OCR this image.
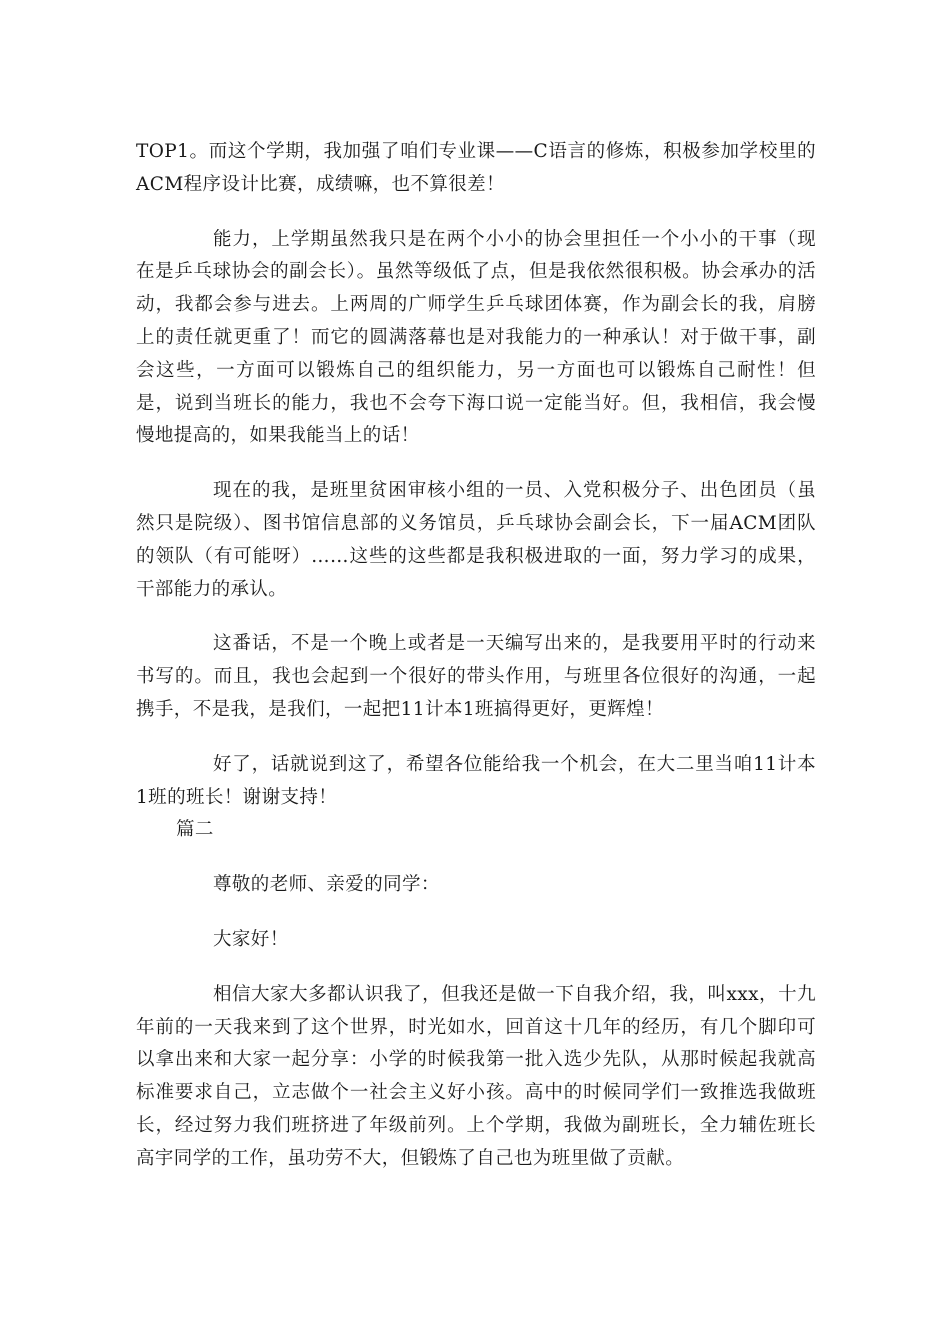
TOP1。而这个学期，我加强了咱们专业课——C语言的修炼，积极参加学校里的ACM程序设计比赛，成绩嘛，也不算很差！

能力，上学期虽然我只是在两个小小的协会里担任一个小小的干事（现在是乒乓球协会的副会长）。虽然等级低了点，但是我依然很积极。协会承办的活动，我都会参与进去。上两周的广师学生乒乓球团体赛，作为副会长的我，肩膀上的责任就更重了！而它的圆满落幕也是对我能力的一种承认！对于做干事，副会这些，一方面可以锻炼自己的组织能力，另一方面也可以锻炼自己耐性！但是，说到当班长的能力，我也不会夸下海口说一定能当好。但，我相信，我会慢慢地提高的，如果我能当上的话！

现在的我，是班里贫困审核小组的一员、入党积极分子、出色团员（虽然只是院级）、图书馆信息部的义务馆员，乒乓球协会副会长，下一届ACM团队的领队（有可能呀）……这些的这些都是我积极进取的一面，努力学习的成果，干部能力的承认。

这番话，不是一个晚上或者是一天编写出来的，是我要用平时的行动来书写的。而且，我也会起到一个很好的带头作用，与班里各位很好的沟通，一起携手，不是我，是我们，一起把11计本1班搞得更好，更辉煌！

好了，话就说到这了，希望各位能给我一个机会，在大二里当咱11计本1班的班长！谢谢支持！

篇二

尊敬的老师、亲爱的同学：

大家好！

相信大家大多都认识我了，但我还是做一下自我介绍，我，叫xxx，十九年前的一天我来到了这个世界，时光如水，回首这十几年的经历，有几个脚印可以拿出来和大家一起分享：小学的时候我第一批入选少先队，从那时候起我就高标准要求自己，立志做个一社会主义好小孩。高中的时候同学们一致推选我做班长，经过努力我们班挤进了年级前列。上个学期，我做为副班长，全力辅佐班长高宇同学的工作，虽功劳不大，但锻炼了自己也为班里做了贡献。
